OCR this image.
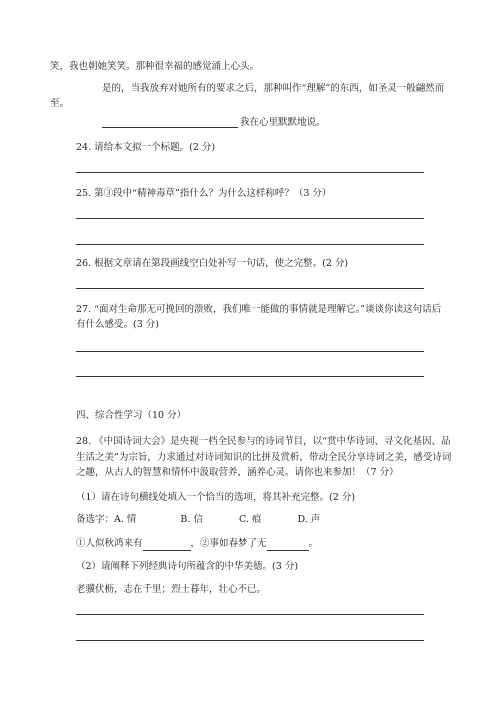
笑，我也朝她笑笑。那种很幸福的感觉涌上心头。
是的，当我放弃对她所有的要求之后，那种叫作“理解”的东西，如圣灵一般翩然而
至。
我在心里默默地说。
24. 请给本文拟一个标题。(2 分)
25. 第③段中“精神毒草”指什么？为什么这样称呼？（3 分）
26. 根据文章请在第段画线空白处补写一句话，使之完整。(2 分)
27. “面对生命那无可挽回的溃败，我们唯一能做的事情就是理解它。”谈谈你读这句话后
有什么感受。(3 分)
四、综合性学习（10 分）
28. 《中国诗词大会》是央视一档全民参与的诗词节目，以“赏中华诗词、寻文化基因、品
生活之美”为宗旨，力求通过对诗词知识的比拼及赏析，带动全民分享诗词之美，感受诗词
之趣，从古人的智慧和情怀中汲取营养，涵养心灵。请你也来参加！（7 分）
（1）请在诗句横线处填入一个恰当的选项，将其补充完整。(2 分)
备选字：A. 情	B. 信	C. 痕	D. 声
①人似秋鸿来有	，②事如春梦了无	。
（2）请阐释下列经典诗句所蕴含的中华美德。(3 分)
老骥伏枥，志在千里；烈士暮年，壮心不已。
